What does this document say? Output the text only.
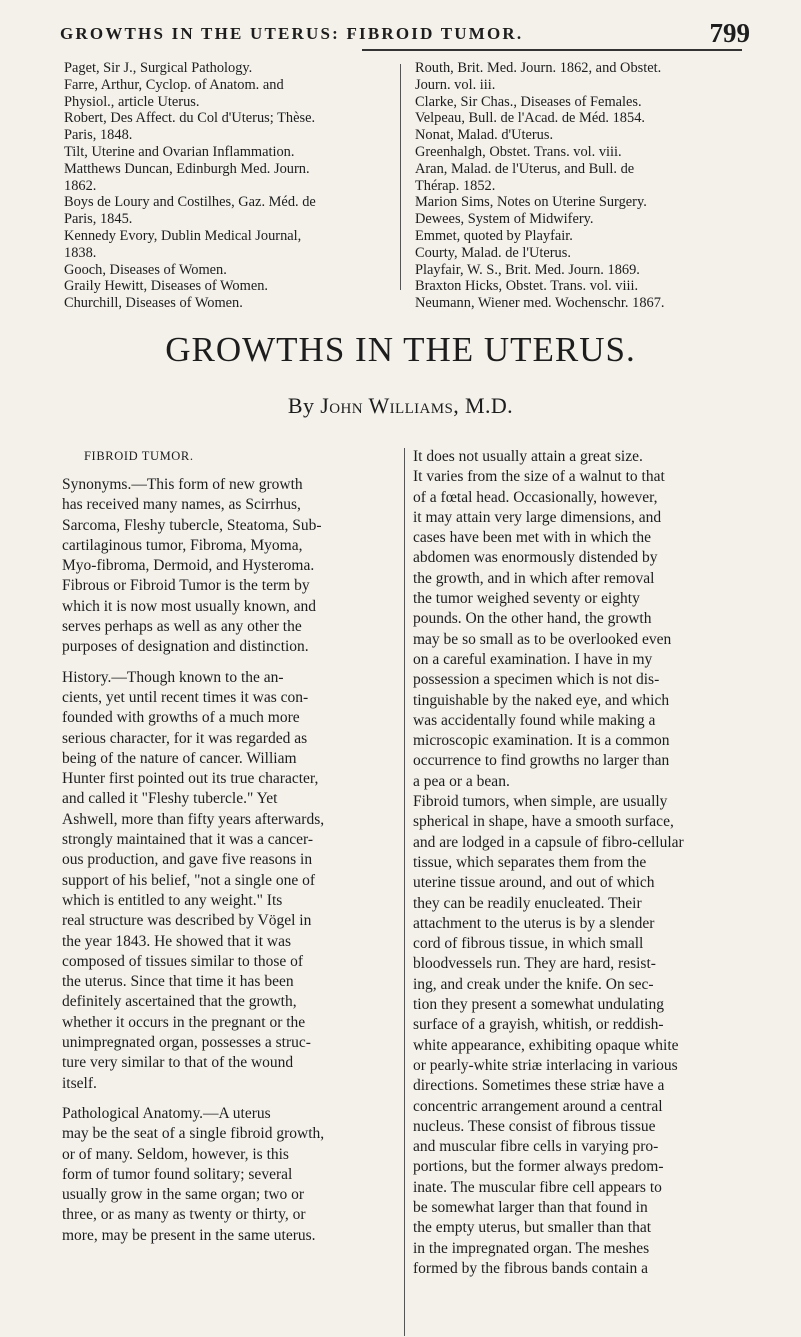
GROWTHS IN THE UTERUS: FIBROID TUMOR.	799
Paget, Sir J., Surgical Pathology.
Farre, Arthur, Cyclop. of Anatom. and
Physiol., article Uterus.
Robert, Des Affect. du Col d'Uterus; Thèse.
Paris, 1848.
Tilt, Uterine and Ovarian Inflammation.
Matthews Duncan, Edinburgh Med. Journ.
1862.
Boys de Loury and Costilhes, Gaz. Méd. de
Paris, 1845.
Kennedy Evory, Dublin Medical Journal,
1838.
Gooch, Diseases of Women.
Graily Hewitt, Diseases of Women.
Churchill, Diseases of Women.
Routh, Brit. Med. Journ. 1862, and Obstet.
Journ. vol. iii.
Clarke, Sir Chas., Diseases of Females.
Velpeau, Bull. de l'Acad. de Méd. 1854.
Nonat, Malad. d'Uterus.
Greenhalgh, Obstet. Trans. vol. viii.
Aran, Malad. de l'Uterus, and Bull. de
Thérap. 1852.
Marion Sims, Notes on Uterine Surgery.
Dewees, System of Midwifery.
Emmet, quoted by Playfair.
Courty, Malad. de l'Uterus.
Playfair, W. S., Brit. Med. Journ. 1869.
Braxton Hicks, Obstet. Trans. vol. viii.
Neumann, Wiener med. Wochenschr. 1867.
GROWTHS IN THE UTERUS.
By John Williams, M.D.
FIBROID TUMOR.
Synonyms.—This form of new growth
has received many names, as Scirrhus,
Sarcoma, Fleshy tubercle, Steatoma, Sub-
cartilaginous tumor, Fibroma, Myoma,
Myo-fibroma, Dermoid, and Hysteroma.
Fibrous or Fibroid Tumor is the term by
which it is now most usually known, and
serves perhaps as well as any other the
purposes of designation and distinction.
History.—Though known to the an-
cients, yet until recent times it was con-
founded with growths of a much more
serious character, for it was regarded as
being of the nature of cancer. William
Hunter first pointed out its true character,
and called it "Fleshy tubercle." Yet
Ashwell, more than fifty years afterwards,
strongly maintained that it was a cancer-
ous production, and gave five reasons in
support of his belief, "not a single one of
which is entitled to any weight." Its
real structure was described by Vögel in
the year 1843. He showed that it was
composed of tissues similar to those of
the uterus. Since that time it has been
definitely ascertained that the growth,
whether it occurs in the pregnant or the
unimpregnated organ, possesses a struc-
ture very similar to that of the wound
itself.
Pathological Anatomy.—A uterus
may be the seat of a single fibroid growth,
or of many. Seldom, however, is this
form of tumor found solitary; several
usually grow in the same organ; two or
three, or as many as twenty or thirty, or
more, may be present in the same uterus.
It does not usually attain a great size.
It varies from the size of a walnut to that
of a fœtal head. Occasionally, however,
it may attain very large dimensions, and
cases have been met with in which the
abdomen was enormously distended by
the growth, and in which after removal
the tumor weighed seventy or eighty
pounds. On the other hand, the growth
may be so small as to be overlooked even
on a careful examination. I have in my
possession a specimen which is not dis-
tinguishable by the naked eye, and which
was accidentally found while making a
microscopic examination. It is a common
occurrence to find growths no larger than
a pea or a bean.
Fibroid tumors, when simple, are usually
spherical in shape, have a smooth surface,
and are lodged in a capsule of fibro-cellular
tissue, which separates them from the
uterine tissue around, and out of which
they can be readily enucleated. Their
attachment to the uterus is by a slender
cord of fibrous tissue, in which small
bloodvessels run. They are hard, resist-
ing, and creak under the knife. On sec-
tion they present a somewhat undulating
surface of a grayish, whitish, or reddish-
white appearance, exhibiting opaque white
or pearly-white striæ interlacing in various
directions. Sometimes these striæ have a
concentric arrangement around a central
nucleus. These consist of fibrous tissue
and muscular fibre cells in varying pro-
portions, but the former always predom-
inate. The muscular fibre cell appears to
be somewhat larger than that found in
the empty uterus, but smaller than that
in the impregnated organ. The meshes
formed by the fibrous bands contain a
